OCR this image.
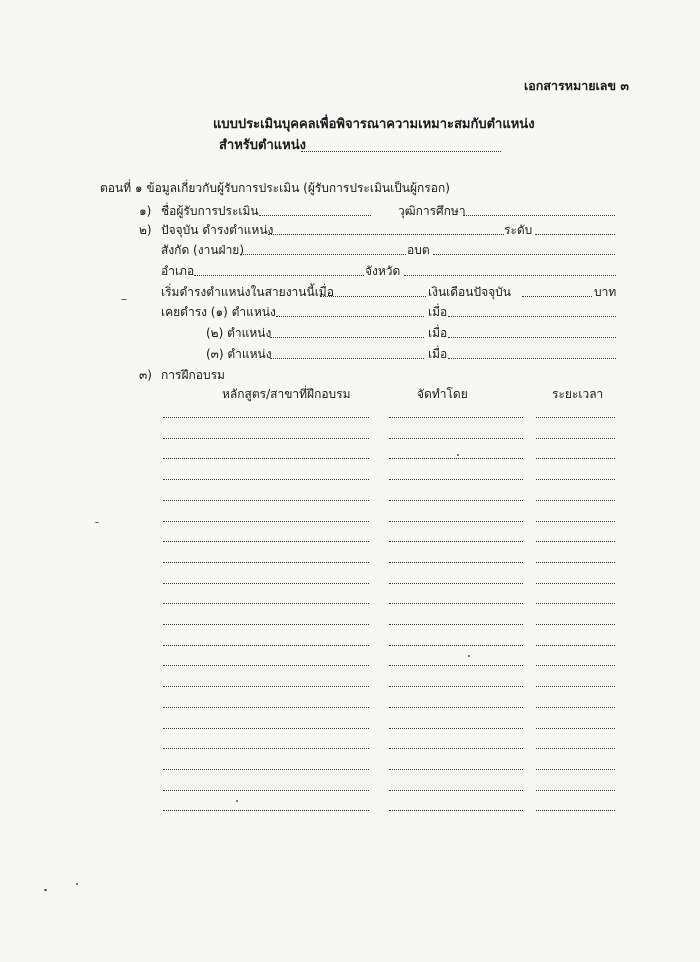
เอกสารหมายเลข ๓
แบบประเมินบุคคลเพื่อพิจารณาความเหมาะสมกับตำแหน่ง
สำหรับตำแหน่ง
ตอนที่ ๑ ข้อมูลเกี่ยวกับผู้รับการประเมิน (ผู้รับการประเมินเป็นผู้กรอก)
๑) ชื่อผู้รับการประเมิน	วุฒิการศึกษา
๒) ปัจจุบัน ดำรงตำแหน่ง	ระดับ
สังกัด (งานฝ่าย)	อบต
อำเภอ	จังหวัด
เริ่มดำรงตำแหน่งในสายงานนี้เมื่อ	เงินเดือนปัจจุบัน	บาท
เคยดำรง (๑) ตำแหน่ง	เมื่อ
(๒) ตำแหน่ง	เมื่อ
(๓) ตำแหน่ง	เมื่อ
๓) การฝึกอบรม
หลักสูตร/สาขาที่ฝึกอบรม	จัดทำโดย	ระยะเวลา
